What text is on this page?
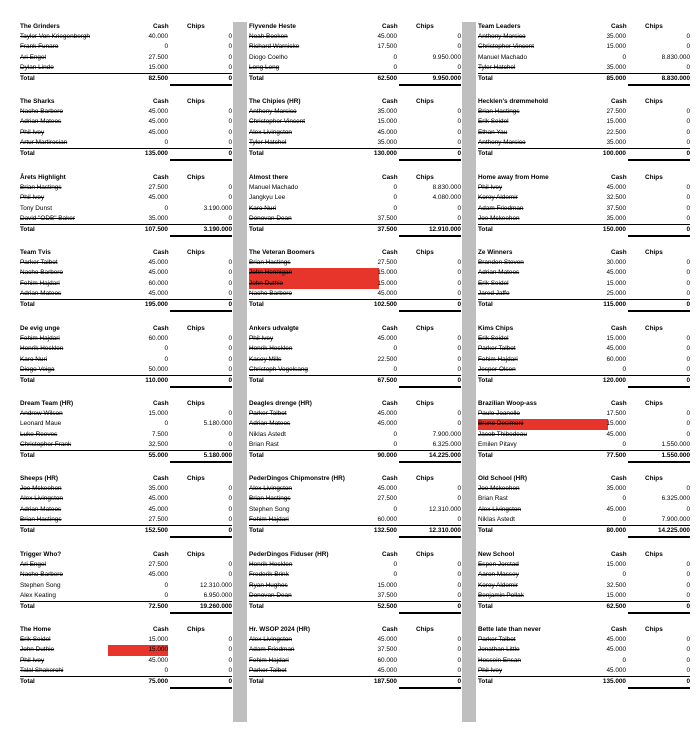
The Grinders	Cash	Chips
Taylor Von Kriegenbergh	40.000	0
Frank Funaro	0	0
Ari Engel	27.500	0
Dylan Linde	15.000	0
Total	82.500	0
Flyvende Heste	Cash	Chips
Noah Boeken	45.000	0
Richard Warnicke	17.500	0
Diogo Coelho	0	9.950.000
Long Long	0	0
Total	62.500	9.950.000
Team Leaders	Cash	Chips
Anthony Marsico	35.000	0
Christopher Vincent	15.000	0
Manuel Machado	0	8.830.000
Tyler Hatchel	35.000	0
Total	85.000	8.830.000
The Sharks	Cash	Chips
Nacho Barbero	45.000	0
Adrian Mateos	45.000	0
Phil Ivey	45.000	0
Artur Martirosian	0	0
Total	135.000	0
The Chipies (HR)	Cash	Chips
Anthony Marsico	35.000	0
Christopher Vincent	15.000	0
Alex Livingston	45.000	0
Tyler Hatchel	35.000	0
Total	130.000	0
Hecklen's drømmehold	Cash	Chips
Brian Hastings	27.500	0
Erik Seidel	15.000	0
Ethan Yau	22.500	0
Anthony Marsico	35.000	0
Total	100.000	0
Årets Highlight	Cash	Chips
Brian Hastings	27.500	0
Phil Ivey	45.000	0
Tony Dunst	0	3.190.000
David "ODB" Baker	35.000	0
Total	107.500	3.190.000
Almost there	Cash	Chips
Manuel Machado	0	8.830.000
Jangkyu Lee	0	4.080.000
Karo Nuri	0	0
Donovan Dean	37.500	0
Total	37.500	12.910.000
Home away from Home	Cash	Chips
Phil Ivey	45.000	0
Korey Aldemir	32.500	0
Adam Friedman	37.500	0
Joe Mckeehen	35.000	0
Total	150.000	0
Team Tvis	Cash	Chips
Parker Talbot	45.000	0
Nacho Barbero	45.000	0
Fehim Hajdari	60.000	0
Adrian Mateos	45.000	0
Total	195.000	0
The Veteran Boomers	Cash	Chips
Brian Hastings	27.500	0
John Hennigan	15.000	0
John Duthie	15.000	0
Nacho Barbero	45.000	0
Total	102.500	0
Ze Winners	Cash	Chips
Brandon Steven	30.000	0
Adrian Mateos	45.000	0
Erik Seidel	15.000	0
Jared Jaffe	25.000	0
Total	115.000	0
De evig unge	Cash	Chips
Fehim Hajdari	60.000	0
Henrik Hecklen	0	0
Karo Nuri	0	0
Diogo Veiga	50.000	0
Total	110.000	0
Ankers udvalgte	Cash	Chips
Phil Ivey	45.000	0
Henrik Hecklen	0	0
Kasey Mills	22.500	0
Christoph Vogelsang	0	0
Total	67.500	0
Kims Chips	Cash	Chips
Erik Seidel	15.000	0
Parker Talbot	45.000	0
Fehim Hajdari	60.000	0
Jesper Olsen	0	0
Total	120.000	0
Dream Team (HR)	Cash	Chips
Andrew Wilson	15.000	0
Leonard Maue	0	5.180.000
Luke Reeves	7.500	0
Christopher Frank	32.500	0
Total	55.000	5.180.000
Deagles drenge (HR)	Cash	Chips
Parker Talbot	45.000	0
Adrian Mateos	45.000	0
Niklas Astedt	0	7.900.000
Brian Rast	0	6.325.000
Total	90.000	14.225.000
Brazilian Woop-ass	Cash	Chips
Paulo Joanello	17.500	0
Bruno Desimoni	15.000	0
Jacob Thibodeau	45.000	0
Emilen Pitavy	0	1.550.000
Total	77.500	1.550.000
Sheeps (HR)	Cash	Chips
Joe Mckeehen	35.000	0
Alex Livingston	45.000	0
Adrian Mateos	45.000	0
Brian Hastings	27.500	0
Total	152.500	0
PederDingos Chipmonstre (HR)	Cash	Chips
Alex Livingston	45.000	0
Brian Hastings	27.500	0
Stephen Song	0	12.310.000
Fehim Hajdari	60.000	0
Total	132.500	12.310.000
Old School (HR)	Cash	Chips
Joe Mckeehen	35.000	0
Brian Rast	0	6.325.000
Alex Livingston	45.000	0
Niklas Astedt	0	7.900.000
Total	80.000	14.225.000
Trigger Who?	Cash	Chips
Ari Engel	27.500	0
Nacho Barbero	45.000	0
Stephen Song	0	12.310.000
Alex Keating	0	6.950.000
Total	72.500	19.260.000
PederDingos Fiduser (HR)	Cash	Chips
Henrik Hecklen	0	0
Frederik Brink	0	0
Ryan Hughes	15.000	0
Donovan Dean	37.500	0
Total	52.500	0
New School	Cash	Chips
Espen Jorstad	15.000	0
Aaron Massey	0	0
Korey Aldemir	32.500	0
Benjamin Pollak	15.000	0
Total	62.500	0
The Home	Cash	Chips
Erik Seidel	15.000	0
John Duthie	15.000	0
Phil Ivey	45.000	0
Talal Shakerchi	0	0
Total	75.000	0
Hr. WSOP 2024 (HR)	Cash	Chips
Alex Livingston	45.000	0
Adam Friedman	37.500	0
Fehim Hajdari	60.000	0
Parker Talbot	45.000	0
Total	187.500	0
Bette late than never	Cash	Chips
Parker Talbot	45.000	0
Jonathan Little	45.000	0
Hossein Ensan	0	0
Phil Ivey	45.000	0
Total	135.000	0
